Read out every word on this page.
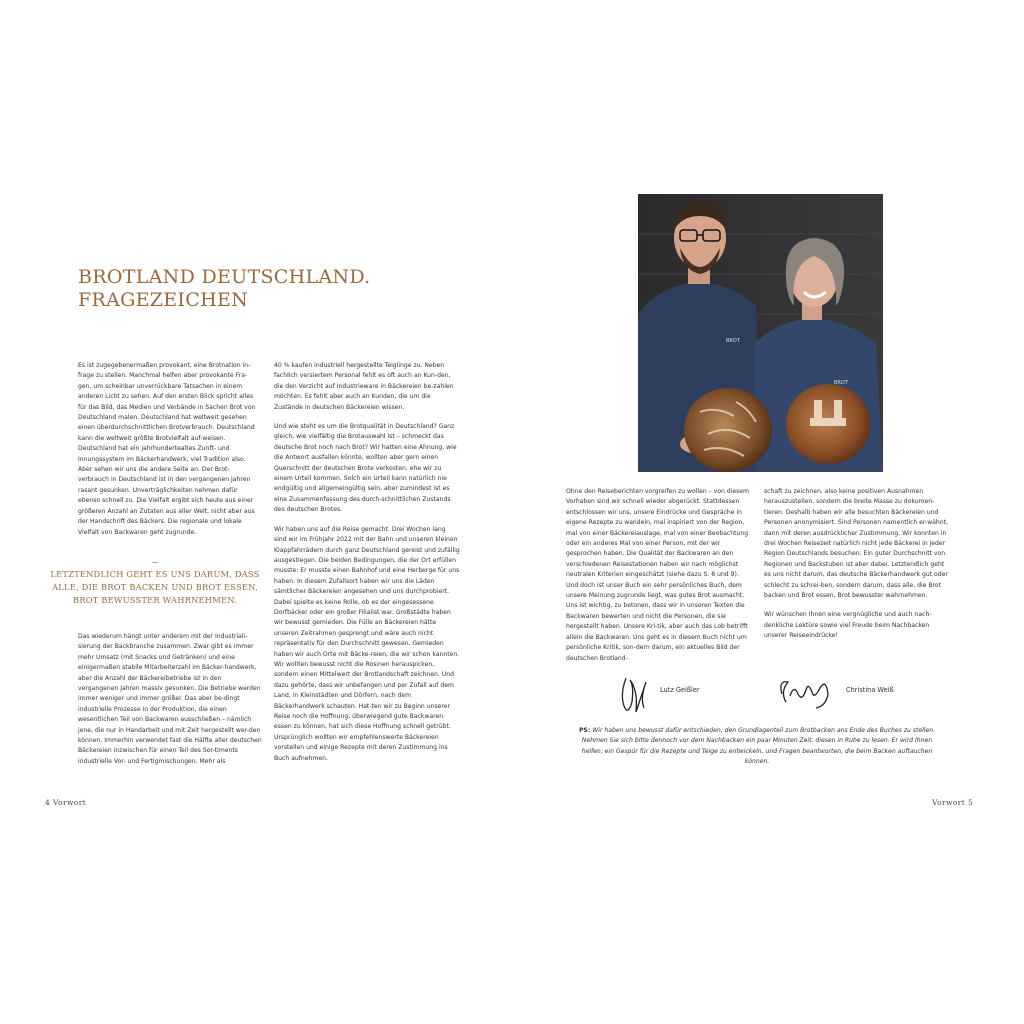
BROTLAND DEUTSCHLAND.
FRAGEZEICHEN

Es ist zugegebenermaßen provokant, eine Brotnation in-frage zu stellen. Manchmal helfen aber provokante Fra-gen, um scheinbar unverrückbare Tatsachen in einem anderen Licht zu sehen. Auf den ersten Blick spricht alles für das Bild, das Medien und Verbände in Sachen Brot von Deutschland malen. Deutschland hat weltweit gesehen einen überdurchschnittlichen Brotverbrauch. Deutschland kann die weltweit größte Brotvielfalt auf-weisen. Deutschland hat ein jahrhundertealtes Zunft- und Innungssystem im Bäckerhandwerk, viel Tradition also. Aber sehen wir uns die andere Seite an. Der Brot-verbrauch in Deutschland ist in den vergangenen Jahren rasant gesunken. Unverträglichkeiten nehmen dafür ebenso schnell zu. Die Vielfalt ergibt sich heute aus einer größeren Anzahl an Zutaten aus aller Welt, nicht aber aus der Handschrift des Bäckers. Die regionale und lokale Vielfalt von Backwaren geht zugrunde.

~
LETZTENDLICH GEHT ES UNS DARUM, DASS ALLE, DIE BROT BACKEN UND BROT ESSEN, BROT BEWUSSTER WAHRNEHMEN.

Das wiederum hängt unter anderem mit der Industriali-sierung der Backbranche zusammen. Zwar gibt es immer mehr Umsatz (mit Snacks und Getränken) und eine einigermaßen stabile Mitarbeiterzahl im Bäcker-handwerk, aber die Anzahl der Bäckereibetriebe ist in den vergangenen Jahren massiv gesunken. Die Betriebe werden immer weniger und immer größer. Das aber be-dingt industrielle Prozesse in der Produktion, die einen wesentlichen Teil von Backwaren ausschließen – nämlich jene, die nur in Handarbeit und mit Zeit hergestellt wer-den können. Immerhin verwendet fast die Hälfte aller deutschen Bäckereien inzwischen für einen Teil des Sor-timents industrielle Vor- und Fertigmischungen. Mehr als

40 % kaufen industriell hergestellte Teiglinge zu. Neben fachlich versiertem Personal fehlt es oft auch an Kun-den, die den Verzicht auf Industrieware in Bäckereien be-zahlen möchten. Es fehlt aber auch an Kunden, die um die Zustände in deutschen Bäckereien wissen.

Und wie steht es um die Brotqualität in Deutschland? Ganz gleich, wie vielfältig die Brotauswahl ist – schmeckt das deutsche Brot noch nach Brot? Wir hatten eine Ahnung, wie die Antwort ausfallen könnte, wollten aber gern einen Querschnitt der deutschen Brote verkosten, ehe wir zu einem Urteil kommen. Solch ein Urteil kann natürlich nie endgültig und allgemeingültig sein, aber zumindest ist es eine Zusammenfassung des durch-schnittlichen Zustands des deutschen Brotes.

Wir haben uns auf die Reise gemacht. Drei Wochen lang sind wir im Frühjahr 2022 mit der Bahn und unseren kleinen Klappfahrrädern durch ganz Deutschland gereist und zufällig ausgestiegen. Die beiden Bedingungen, die der Ort erfüllen musste: Er musste einen Bahnhof und eine Herberge für uns haben. In diesem Zufallsort haben wir uns die Läden sämtlicher Bäckereien angesehen und uns durchprobiert. Dabei spielte es keine Rolle, ob es der eingesessene Dorfbäcker oder ein großer Filialist war. Großstädte haben wir bewusst gemieden. Die Fülle an Bäckereien hätte unseren Zeitrahmen gesprengt und wäre auch nicht repräsentativ für den Durchschnitt gewesen. Gemieden haben wir auch Orte mit Bäcke-reien, die wir schon kannten. Wir wollten bewusst nicht die Rosinen herauspicken, sondern einen Mittelwert der Brotlandschaft zeichnen. Und dazu gehörte, dass wir unbefangen und per Zufall auf dem Land, in Kleinstädten und Dörfern, nach dem Bäckerhandwerk schauten. Hat-ten wir zu Beginn unserer Reise noch die Hoffnung, überwiegend gute Backwaren essen zu können, hat sich diese Hoffnung schnell getrübt. Ursprünglich wollten wir empfehlenswerte Bäckereien vorstellen und einige Rezepte mit deren Zustimmung ins Buch aufnehmen.

4 Vorwort
BROT
BROT

Ohne den Reiseberichten vorgreifen zu wollen – von diesem Vorhaben sind wir schnell wieder abgerückt. Stattdessen entschlossen wir uns, unsere Eindrücke und Gespräche in eigene Rezepte zu wandeln, mal inspiriert von der Region, mal von einer Bäckereiauslage, mal von einer Beobachtung oder ein anderes Mal von einer Person, mit der wir gesprochen haben. Die Qualität der Backwaren an den verschiedenen Reisestationen haben wir nach möglichst neutralen Kriterien eingeschätzt (siehe dazu S. 8 und 9). Und doch ist unser Buch ein sehr persönliches Buch, dem unsere Meinung zugrunde liegt, was gutes Brot ausmacht. Uns ist wichtig, zu betonen, dass wir in unseren Texten die Backwaren bewerten und nicht die Personen, die sie hergestellt haben. Unsere Kri-tik, aber auch das Lob betrifft allein die Backwaren. Uns geht es in diesem Buch nicht um persönliche Kritik, son-dern darum, ein aktuelles Bild der deutschen Brotland-

schaft zu zeichnen, also keine positiven Ausnahmen herauszustellen, sondern die breite Masse zu dokumen-tieren. Deshalb haben wir alle besuchten Bäckereien und Personen anonymisiert. Sind Personen namentlich er-wähnt, dann mit deren ausdrücklicher Zustimmung. Wir konnten in drei Wochen Reisezeit natürlich nicht jede Bäckerei in jeder Region Deutschlands besuchen. Ein guter Durchschnitt von Regionen und Backstuben ist aber dabei. Letztendlich geht es uns nicht darum, das deutsche Bäckerhandwerk gut oder schlecht zu schrei-ben, sondern darum, dass alle, die Brot backen und Brot essen, Brot bewusster wahrnehmen.

Wir wünschen Ihnen eine vergnügliche und auch nach-denkliche Lektüre sowie viel Freude beim Nachbacken unserer Reiseeindrücke!

Lutz Geißler	Christina Weiß

PS: Wir haben uns bewusst dafür entschieden, den Grundlagenteil zum Brotbacken ans Ende des Buches zu stellen. Nehmen Sie sich bitte dennoch vor dem Nachbacken ein paar Minuten Zeit, diesen in Ruhe zu lesen. Er wird Ihnen helfen, ein Gespür für die Rezepte und Teige zu entwickeln, und Fragen beantworten, die beim Backen auftauchen können.

Vorwort 5
